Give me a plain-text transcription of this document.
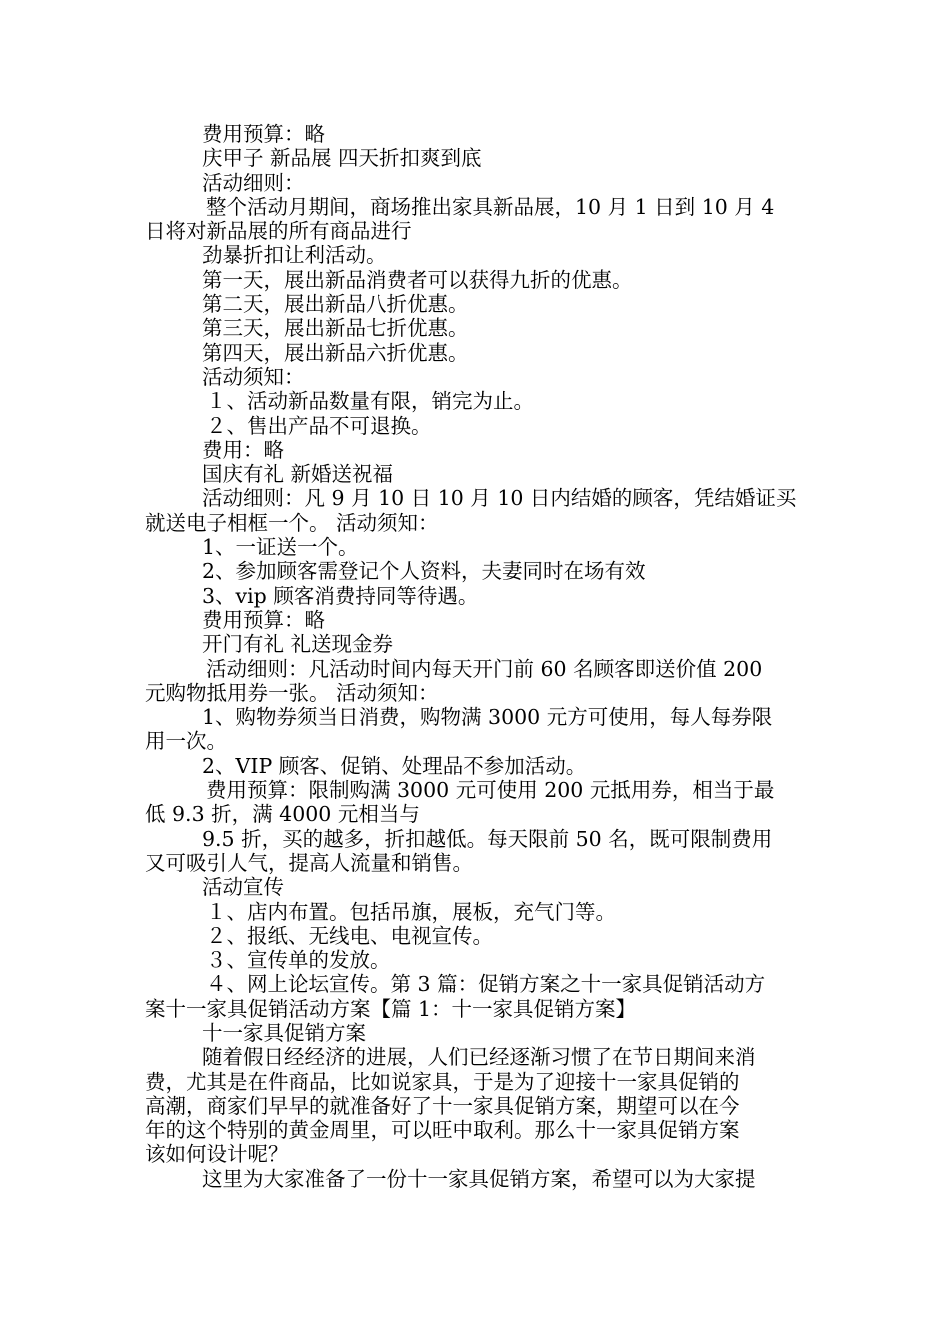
费用预算：略
庆甲子 新品展 四天折扣爽到底
活动细则：
整个活动月期间，商场推出家具新品展，10 月 1 日到 10 月 4
日将对新品展的所有商品进行
劲暴折扣让利活动。
第一天，展出新品消费者可以获得九折的优惠。
第二天，展出新品八折优惠。
第三天，展出新品七折优惠。
第四天，展出新品六折优惠。
活动须知：
１、活动新品数量有限，销完为止。
２、售出产品不可退换。
费用：略
国庆有礼 新婚送祝福
活动细则：凡 9 月 10 日 10 月 10 日内结婚的顾客，凭结婚证买
就送电子相框一个。 活动须知：
1、一证送一个。
2、参加顾客需登记个人资料，夫妻同时在场有效
3、vip 顾客消费持同等待遇。
费用预算：略
开门有礼 礼送现金券
活动细则：凡活动时间内每天开门前 60 名顾客即送价值 200
元购物抵用券一张。 活动须知：
1、购物券须当日消费，购物满 3000 元方可使用，每人每券限
用一次。
2、VIP 顾客、促销、处理品不参加活动。
费用预算：限制购满 3000 元可使用 200 元抵用券，相当于最
低 9.3 折，满 4000 元相当与
9.5 折，买的越多，折扣越低。每天限前 50 名，既可限制费用
又可吸引人气，提高人流量和销售。
活动宣传
１、店内布置。包括吊旗，展板，充气门等。
２、报纸、无线电、电视宣传。
３、宣传单的发放。
４、网上论坛宣传。第 3 篇：促销方案之十一家具促销活动方
案十一家具促销活动方案【篇 1：十一家具促销方案】
十一家具促销方案
随着假日经经济的进展，人们已经逐渐习惯了在节日期间来消
费，尤其是在件商品，比如说家具，于是为了迎接十一家具促销的
高潮，商家们早早的就准备好了十一家具促销方案，期望可以在今
年的这个特别的黄金周里，可以旺中取利。那么十一家具促销方案
该如何设计呢？
这里为大家准备了一份十一家具促销方案，希望可以为大家提
